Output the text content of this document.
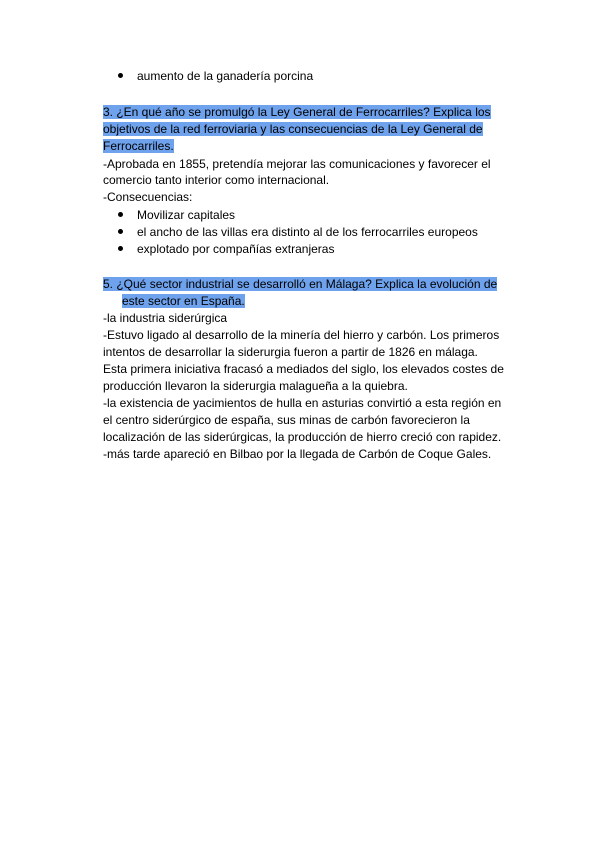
aumento de la ganadería porcina
3. ¿En qué año se promulgó la Ley General de Ferrocarriles? Explica los
objetivos de la red ferroviaria y las consecuencias de la Ley General de
Ferrocarriles.
-Aprobada en 1855, pretendía mejorar las comunicaciones y favorecer el
comercio tanto interior como internacional.
-Consecuencias:
Movilizar capitales
el ancho de las villas era distinto al de los ferrocarriles europeos
explotado por compañías extranjeras
5. ¿Qué sector industrial se desarrolló en Málaga? Explica la evolución de
este sector en España.
-la industria siderúrgica
-Estuvo ligado al desarrollo de la minería del hierro y carbón. Los primeros
intentos de desarrollar la siderurgia fueron a partir de 1826 en málaga.
Esta primera iniciativa fracasó a mediados del siglo, los elevados costes de
producción llevaron la siderurgia malagueña a la quiebra.
-la existencia de yacimientos de hulla en asturias convirtió a esta región en
el centro siderúrgico de españa, sus minas de carbón favorecieron la
localización de las siderúrgicas, la producción de hierro creció con rapidez.
-más tarde apareció en Bilbao por la llegada de Carbón de Coque Gales.
